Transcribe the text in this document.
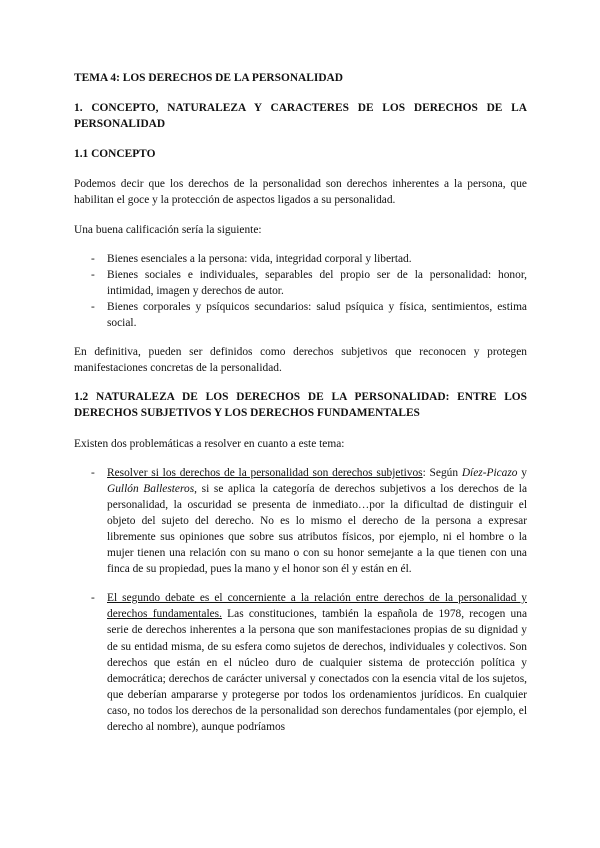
TEMA 4: LOS DERECHOS DE LA PERSONALIDAD
1. CONCEPTO, NATURALEZA Y CARACTERES DE LOS DERECHOS DE LA PERSONALIDAD
1.1 CONCEPTO

Podemos decir que los derechos de la personalidad son derechos inherentes a la persona, que habilitan el goce y la protección de aspectos ligados a su personalidad.

Una buena calificación sería la siguiente:

- Bienes esenciales a la persona: vida, integridad corporal y libertad.
- Bienes sociales e individuales, separables del propio ser de la personalidad: honor, intimidad, imagen y derechos de autor.
- Bienes corporales y psíquicos secundarios: salud psíquica y física, sentimientos, estima social.

En definitiva, pueden ser definidos como derechos subjetivos que reconocen y protegen manifestaciones concretas de la personalidad.

1.2 NATURALEZA DE LOS DERECHOS DE LA PERSONALIDAD: ENTRE LOS DERECHOS SUBJETIVOS Y LOS DERECHOS FUNDAMENTALES

Existen dos problemáticas a resolver en cuanto a este tema:

- Resolver si los derechos de la personalidad son derechos subjetivos: Según Díez-Picazo y Gullón Ballesteros, si se aplica la categoría de derechos subjetivos a los derechos de la personalidad, la oscuridad se presenta de inmediato…por la dificultad de distinguir el objeto del sujeto del derecho. No es lo mismo el derecho de la persona a expresar libremente sus opiniones que sobre sus atributos físicos, por ejemplo, ni el hombre o la mujer tienen una relación con su mano o con su honor semejante a la que tienen con una finca de su propiedad, pues la mano y el honor son él y están en él.
- El segundo debate es el concerniente a la relación entre derechos de la personalidad y derechos fundamentales. Las constituciones, también la española de 1978, recogen una serie de derechos inherentes a la persona que son manifestaciones propias de su dignidad y de su entidad misma, de su esfera como sujetos de derechos, individuales y colectivos. Son derechos que están en el núcleo duro de cualquier sistema de protección política y democrática; derechos de carácter universal y conectados con la esencia vital de los sujetos, que deberían ampararse y protegerse por todos los ordenamientos jurídicos. En cualquier caso, no todos los derechos de la personalidad son derechos fundamentales (por ejemplo, el derecho al nombre), aunque podríamos
